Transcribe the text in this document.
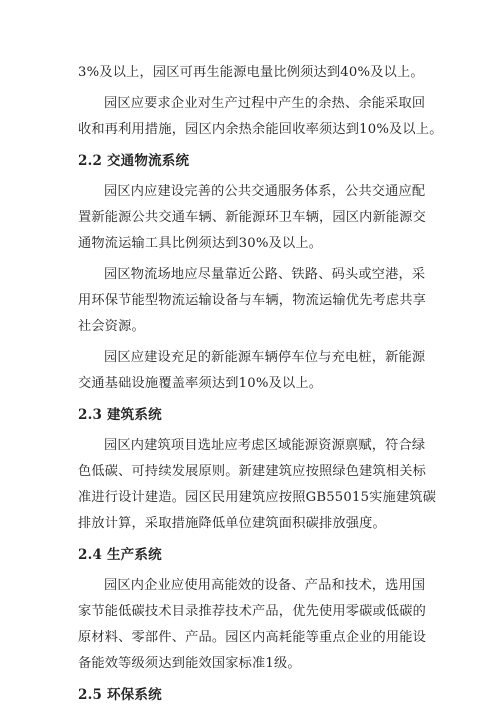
3%及以上，园区可再生能源电量比例须达到40%及以上。
园区应要求企业对生产过程中产生的余热、余能采取回
收和再利用措施，园区内余热余能回收率须达到10%及以上。
2.2 交通物流系统
园区内应建设完善的公共交通服务体系，公共交通应配
置新能源公共交通车辆、新能源环卫车辆，园区内新能源交
通物流运输工具比例须达到30%及以上。
园区物流场地应尽量靠近公路、铁路、码头或空港，采
用环保节能型物流运输设备与车辆，物流运输优先考虑共享
社会资源。
园区应建设充足的新能源车辆停车位与充电桩，新能源
交通基础设施覆盖率须达到10%及以上。
2.3 建筑系统
园区内建筑项目选址应考虑区域能源资源禀赋，符合绿
色低碳、可持续发展原则。新建建筑应按照绿色建筑相关标
准进行设计建造。园区民用建筑应按照GB55015实施建筑碳
排放计算，采取措施降低单位建筑面积碳排放强度。
2.4 生产系统
园区内企业应使用高能效的设备、产品和技术，选用国
家节能低碳技术目录推荐技术产品，优先使用零碳或低碳的
原材料、零部件、产品。园区内高耗能等重点企业的用能设
备能效等级须达到能效国家标准1级。
2.5 环保系统
